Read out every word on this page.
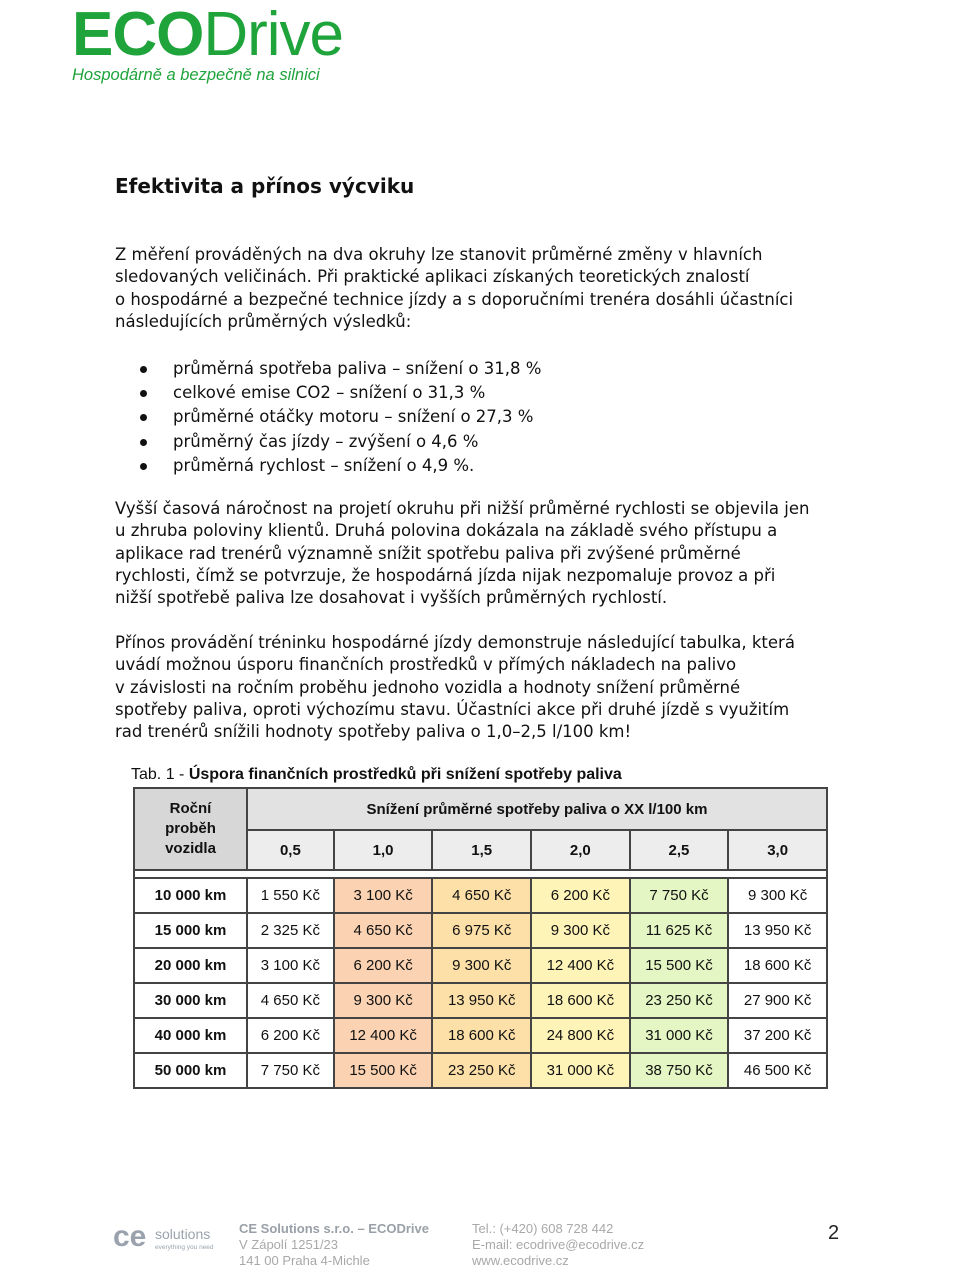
ECODrive
Hospodárně a bezpečně na silnici
Efektivita a přínos výcviku
Z měření prováděných na dva okruhy lze stanovit průměrné změny v hlavních
sledovaných veličinách. Při praktické aplikaci získaných teoretických znalostí
o hospodárné a bezpečné technice jízdy a s doporučními trenéra dosáhli účastníci
následujících průměrných výsledků:
průměrná spotřeba paliva – snížení o 31,8 %
celkové emise CO2 – snížení o 31,3 %
průměrné otáčky motoru – snížení o 27,3 %
průměrný čas jízdy – zvýšení o 4,6 %
průměrná rychlost – snížení o 4,9 %.
Vyšší časová náročnost na projetí okruhu při nižší průměrné rychlosti se objevila jen
u zhruba poloviny klientů. Druhá polovina dokázala na základě svého přístupu a
aplikace rad trenérů významně snížit spotřebu paliva při zvýšené průměrné
rychlosti, čímž se potvrzuje, že hospodárná jízda nijak nezpomaluje provoz a při
nižší spotřebě paliva lze dosahovat i vyšších průměrných rychlostí.
Přínos provádění tréninku hospodárné jízdy demonstruje následující tabulka, která
uvádí možnou úsporu finančních prostředků v přímých nákladech na palivo
v závislosti na ročním proběhu jednoho vozidla a hodnoty snížení průměrné
spotřeby paliva, oproti výchozímu stavu. Účastníci akce při druhé jízdě s využitím
rad trenérů snížili hodnoty spotřeby paliva o 1,0–2,5 l/100 km!
Tab. 1 - Úspora finančních prostředků při snížení spotřeby paliva
Roční
proběh
vozidla	Snížení průměrné spotřeby paliva o XX l/100 km					
	0,5	1,0	1,5	2,0	2,5	3,0

10 000 km	1 550 Kč	3 100 Kč	4 650 Kč	6 200 Kč	7 750 Kč	9 300 Kč
15 000 km	2 325 Kč	4 650 Kč	6 975 Kč	9 300 Kč	11 625 Kč	13 950 Kč
20 000 km	3 100 Kč	6 200 Kč	9 300 Kč	12 400 Kč	15 500 Kč	18 600 Kč
30 000 km	4 650 Kč	9 300 Kč	13 950 Kč	18 600 Kč	23 250 Kč	27 900 Kč
40 000 km	6 200 Kč	12 400 Kč	18 600 Kč	24 800 Kč	31 000 Kč	37 200 Kč
50 000 km	7 750 Kč	15 500 Kč	23 250 Kč	31 000 Kč	38 750 Kč	46 500 Kč
ce solutions
everything you need
CE Solutions s.r.o. – ECODrive
V Zápolí 1251/23
141 00 Praha 4-Michle
Tel.: (+420) 608 728 442
E-mail: ecodrive@ecodrive.cz
www.ecodrive.cz
2
